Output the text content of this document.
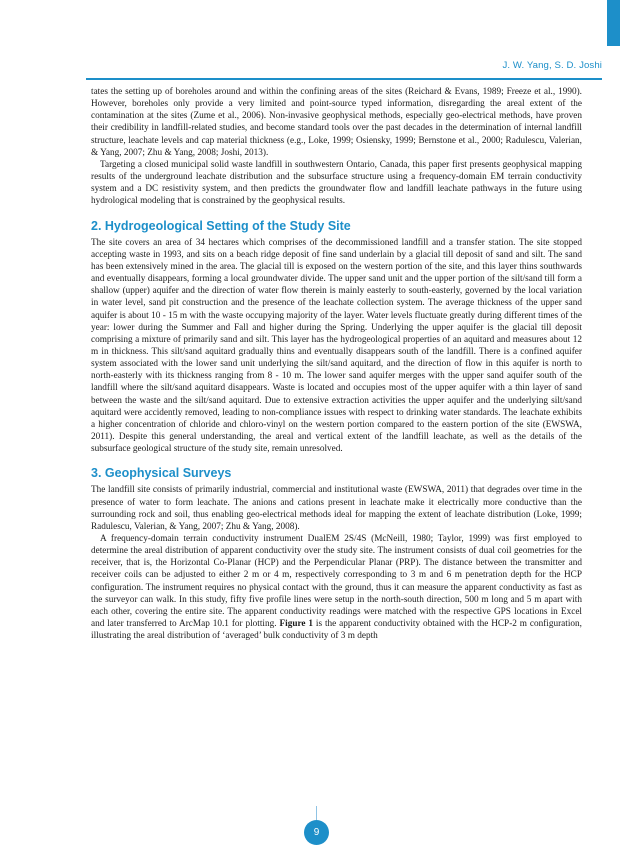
J. W. Yang, S. D. Joshi

tates the setting up of boreholes around and within the confining areas of the sites (Reichard & Evans, 1989; Freeze et al., 1990). However, boreholes only provide a very limited and point-source typed information, disregarding the areal extent of the contamination at the sites (Zume et al., 2006). Non-invasive geophysical methods, especially geo-electrical methods, have proven their credibility in landfill-related studies, and become standard tools over the past decades in the determination of internal landfill structure, leachate levels and cap material thickness (e.g., Loke, 1999; Osiensky, 1999; Bernstone et al., 2000; Radulescu, Valerian, & Yang, 2007; Zhu & Yang, 2008; Joshi, 2013).

Targeting a closed municipal solid waste landfill in southwestern Ontario, Canada, this paper first presents geophysical mapping results of the underground leachate distribution and the subsurface structure using a frequency-domain EM terrain conductivity system and a DC resistivity system, and then predicts the groundwater flow and landfill leachate pathways in the future using hydrological modeling that is constrained by the geophysical results.

2. Hydrogeological Setting of the Study Site

The site covers an area of 34 hectares which comprises of the decommissioned landfill and a transfer station. The site stopped accepting waste in 1993, and sits on a beach ridge deposit of fine sand underlain by a glacial till deposit of sand and silt. The sand has been extensively mined in the area. The glacial till is exposed on the western portion of the site, and this layer thins southwards and eventually disappears, forming a local groundwater divide. The upper sand unit and the upper portion of the silt/sand till form a shallow (upper) aquifer and the direction of water flow therein is mainly easterly to south-easterly, governed by the local variation in water level, sand pit construction and the presence of the leachate collection system. The average thickness of the upper sand aquifer is about 10 - 15 m with the waste occupying majority of the layer. Water levels fluctuate greatly during different times of the year: lower during the Summer and Fall and higher during the Spring. Underlying the upper aquifer is the glacial till deposit comprising a mixture of primarily sand and silt. This layer has the hydrogeological properties of an aquitard and measures about 12 m in thickness. This silt/sand aquitard gradually thins and eventually disappears south of the landfill. There is a confined aquifer system associated with the lower sand unit underlying the silt/sand aquitard, and the direction of flow in this aquifer is north to north-easterly with its thickness ranging from 8 - 10 m. The lower sand aquifer merges with the upper sand aquifer south of the landfill where the silt/sand aquitard disappears. Waste is located and occupies most of the upper aquifer with a thin layer of sand between the waste and the silt/sand aquitard. Due to extensive extraction activities the upper aquifer and the underlying silt/sand aquitard were accidently removed, leading to non-compliance issues with respect to drinking water standards. The leachate exhibits a higher concentration of chloride and chloro-vinyl on the western portion compared to the eastern portion of the site (EWSWA, 2011). Despite this general understanding, the areal and vertical extent of the landfill leachate, as well as the details of the subsurface geological structure of the study site, remain unresolved.

3. Geophysical Surveys

The landfill site consists of primarily industrial, commercial and institutional waste (EWSWA, 2011) that degrades over time in the presence of water to form leachate. The anions and cations present in leachate make it electrically more conductive than the surrounding rock and soil, thus enabling geo-electrical methods ideal for mapping the extent of leachate distribution (Loke, 1999; Radulescu, Valerian, & Yang, 2007; Zhu & Yang, 2008).

A frequency-domain terrain conductivity instrument DualEM 2S/4S (McNeill, 1980; Taylor, 1999) was first employed to determine the areal distribution of apparent conductivity over the study site. The instrument consists of dual coil geometries for the receiver, that is, the Horizontal Co-Planar (HCP) and the Perpendicular Planar (PRP). The distance between the transmitter and receiver coils can be adjusted to either 2 m or 4 m, respectively corresponding to 3 m and 6 m penetration depth for the HCP configuration. The instrument requires no physical contact with the ground, thus it can measure the apparent conductivity as fast as the surveyor can walk. In this study, fifty five profile lines were setup in the north-south direction, 500 m long and 5 m apart with each other, covering the entire site. The apparent conductivity readings were matched with the respective GPS locations in Excel and later transferred to ArcMap 10.1 for plotting. Figure 1 is the apparent conductivity obtained with the HCP-2 m configuration, illustrating the areal distribution of ‘averaged’ bulk conductivity of 3 m depth

9
